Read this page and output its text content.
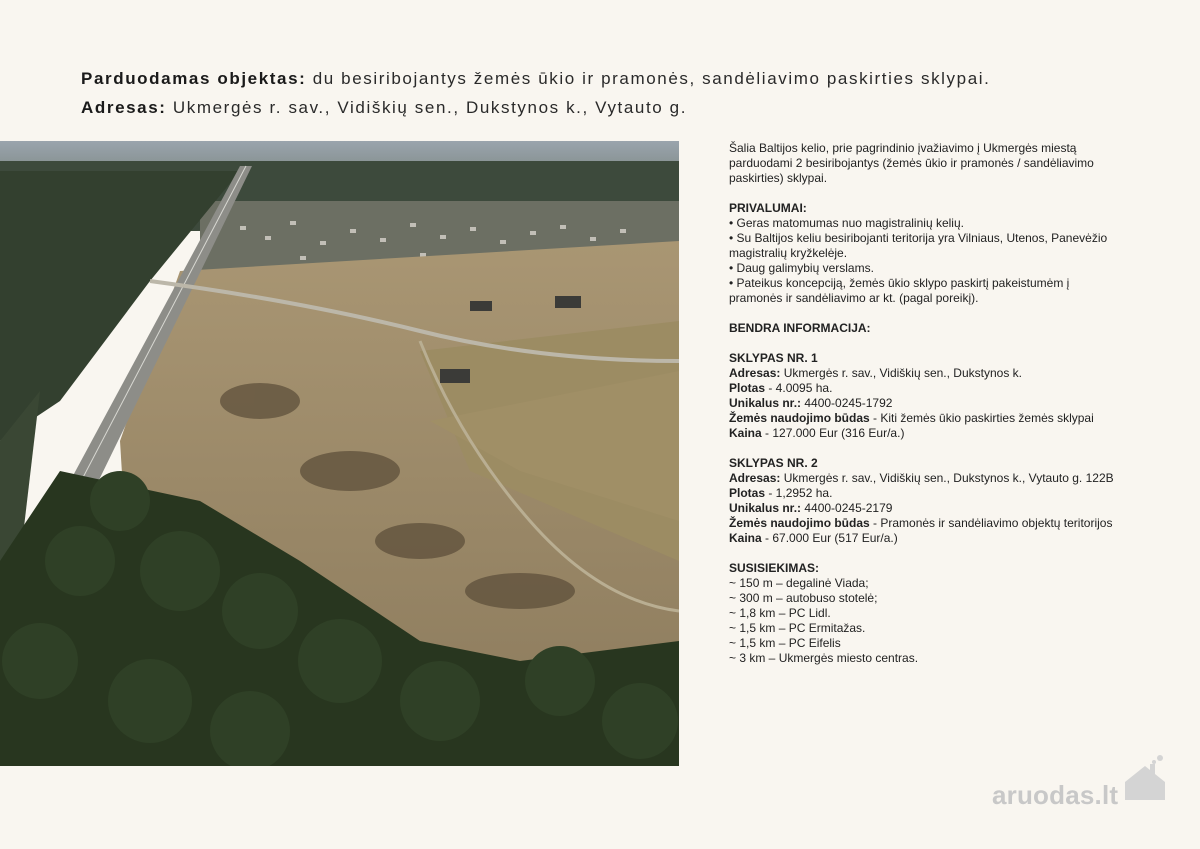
Parduodamas objektas: du besiribojantys žemės ūkio ir pramonės, sandėliavimo paskirties sklypai.
Adresas: Ukmergės r. sav., Vidiškių sen., Dukstynos k., Vytauto g.

Šalia Baltijos kelio, prie pagrindinio įvažiavimo į Ukmergės miestą

parduodami 2 besiribojantys (žemės ūkio ir pramonės / sandėliavimo

paskirties) sklypai.

PRIVALUMAI:

• Geras matomumas nuo magistralinių kelių.
• Su Baltijos keliu besiribojanti teritorija yra Vilniaus, Utenos, Panevėžio
magistralių kryžkelėje.
• Daug galimybių verslams.
• Pateikus koncepciją, žemės ūkio sklypo paskirtį pakeistumėm į
pramonės ir sandėliavimo ar kt. (pagal poreikį).

BENDRA INFORMACIJA:

SKLYPAS NR. 1

Adresas: Ukmergės r. sav., Vidiškių sen., Dukstynos k.

Plotas - 4.0095 ha.

Unikalus nr.: 4400-0245-1792

Žemės naudojimo būdas - Kiti žemės ūkio paskirties žemės sklypai

Kaina - 127.000 Eur (316 Eur/a.)

SKLYPAS NR. 2

Adresas: Ukmergės r. sav., Vidiškių sen., Dukstynos k., Vytauto g. 122B

Plotas - 1,2952 ha.

Unikalus nr.: 4400-0245-2179

Žemės naudojimo būdas - Pramonės ir sandėliavimo objektų teritorijos

Kaina - 67.000 Eur (517 Eur/a.)

SUSISIEKIMAS:

~ 150 m – degalinė Viada;
~ 300 m – autobuso stotelė;
~ 1,8 km – PC Lidl.
~ 1,5 km – PC Ermitažas.
~ 1,5 km – PC Eifelis
~ 3 km – Ukmergės miesto centras.
aruodas.lt
